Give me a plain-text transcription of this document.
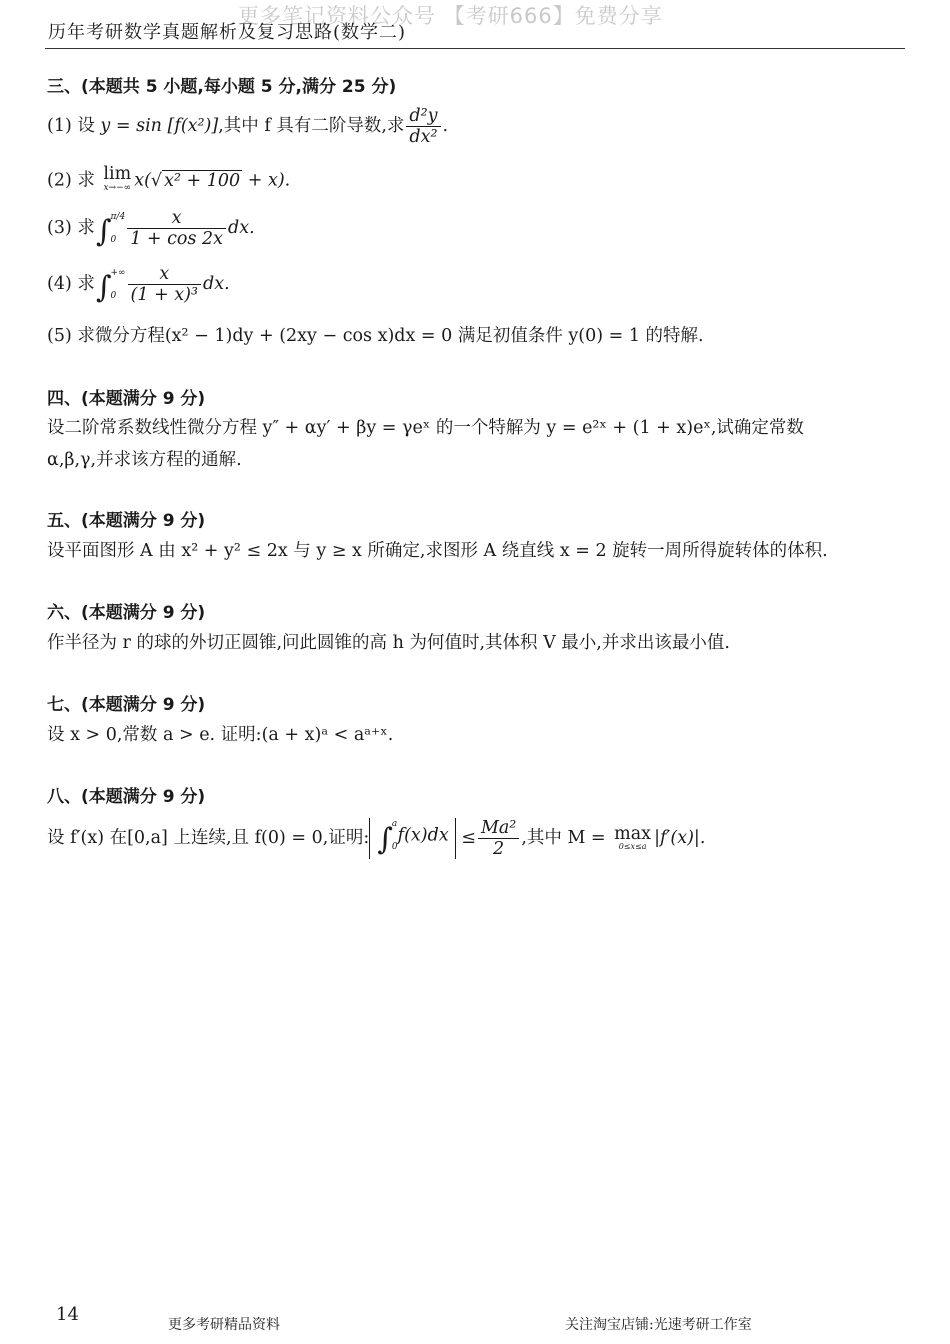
更多笔记资料公众号 【考研666】免费分享
历年考研数学真题解析及复习思路(数学二)
三、(本题共 5 小题,每小题 5 分,满分 25 分)
(1) 设 y = sin [f(x²)],其中 f 具有二阶导数,求 $\frac{\text{d²y}}{\text{dx²}}$ .
(2) 求 lim
x→−∞ x(√ x² + 100 + x).
(3) 求∫ π/4
$0 \frac{x}{1 + \cos 2x}$ dx.
(4) 求∫ +∞
$0 \frac{x}{\text{(1 + x)³}}$ dx.
(5) 求微分方程(x² − 1)dy + (2xy − cos x)dx = 0 满足初值条件 y(0) = 1 的特解.
四、(本题满分 9 分)
设二阶常系数线性微分方程 y″ + αy′ + βy = γeˣ 的一个特解为 y = e²ˣ + (1 + x)eˣ,试确定常数
α,β,γ,并求该方程的通解.
五、(本题满分 9 分)
设平面图形 A 由 x² + y² ≤ 2x 与 y ≥ x 所确定,求图形 A 绕直线 x = 2 旋转一周所得旋转体的体积.
六、(本题满分 9 分)
作半径为 r 的球的外切正圆锥,问此圆锥的高 h 为何值时,其体积 V 最小,并求出该最小值.
七、(本题满分 9 分)
设 x > 0,常数 a > e. 证明:(a + x)ᵃ < aᵃ⁺ˣ.
八、(本题满分 9 分)
设 f′(x) 在[0,a] 上连续,且 f(0) = 0,证明: ∫ a
0
$f(x)dx \le \frac{\text{Ma²}}{2}$ ,其中 M = max
0≤x≤a |f′(x)|.
14	更多考研精品资料	关注淘宝店铺:光速考研工作室
